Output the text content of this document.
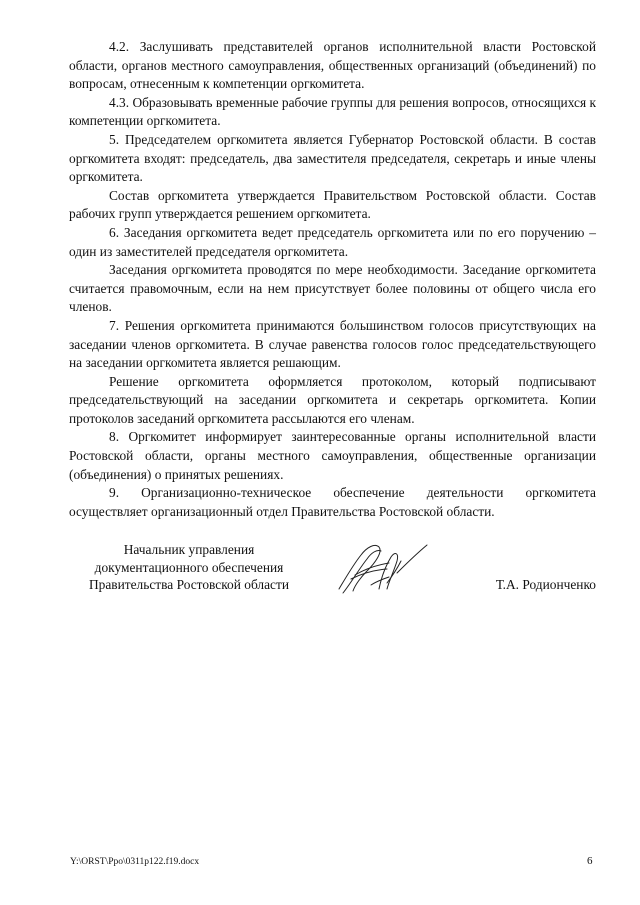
4.2. Заслушивать представителей органов исполнительной власти Ростовской области, органов местного самоуправления, общественных организаций (объединений) по вопросам, отнесенным к компетенции оргкомитета.

4.3. Образовывать временные рабочие группы для решения вопросов, относящихся к компетенции оргкомитета.

5. Председателем оргкомитета является Губернатор Ростовской области. В состав оргкомитета входят: председатель, два заместителя председателя, секретарь и иные члены оргкомитета.

Состав оргкомитета утверждается Правительством Ростовской области. Состав рабочих групп утверждается решением оргкомитета.

6. Заседания оргкомитета ведет председатель оргкомитета или по его поручению – один из заместителей председателя оргкомитета.

Заседания оргкомитета проводятся по мере необходимости. Заседание оргкомитета считается правомочным, если на нем присутствует более половины от общего числа его членов.

7. Решения оргкомитета принимаются большинством голосов присутствующих на заседании членов оргкомитета. В случае равенства голосов голос председательствующего на заседании оргкомитета является решающим.

Решение оргкомитета оформляется протоколом, который подписывают председательствующий на заседании оргкомитета и секретарь оргкомитета. Копии протоколов заседаний оргкомитета рассылаются его членам.

8. Оргкомитет информирует заинтересованные органы исполнительной власти Ростовской области, органы местного самоуправления, общественные организации (объединения) о принятых решениях.

9. Организационно-техническое обеспечение деятельности оргкомитета осуществляет организационный отдел Правительства Ростовской области.

Начальник управления
документационного обеспечения
Правительства Ростовской области	Т.А. Родионченко
Y:\ORST\Ppo\0311p122.f19.docx	6
